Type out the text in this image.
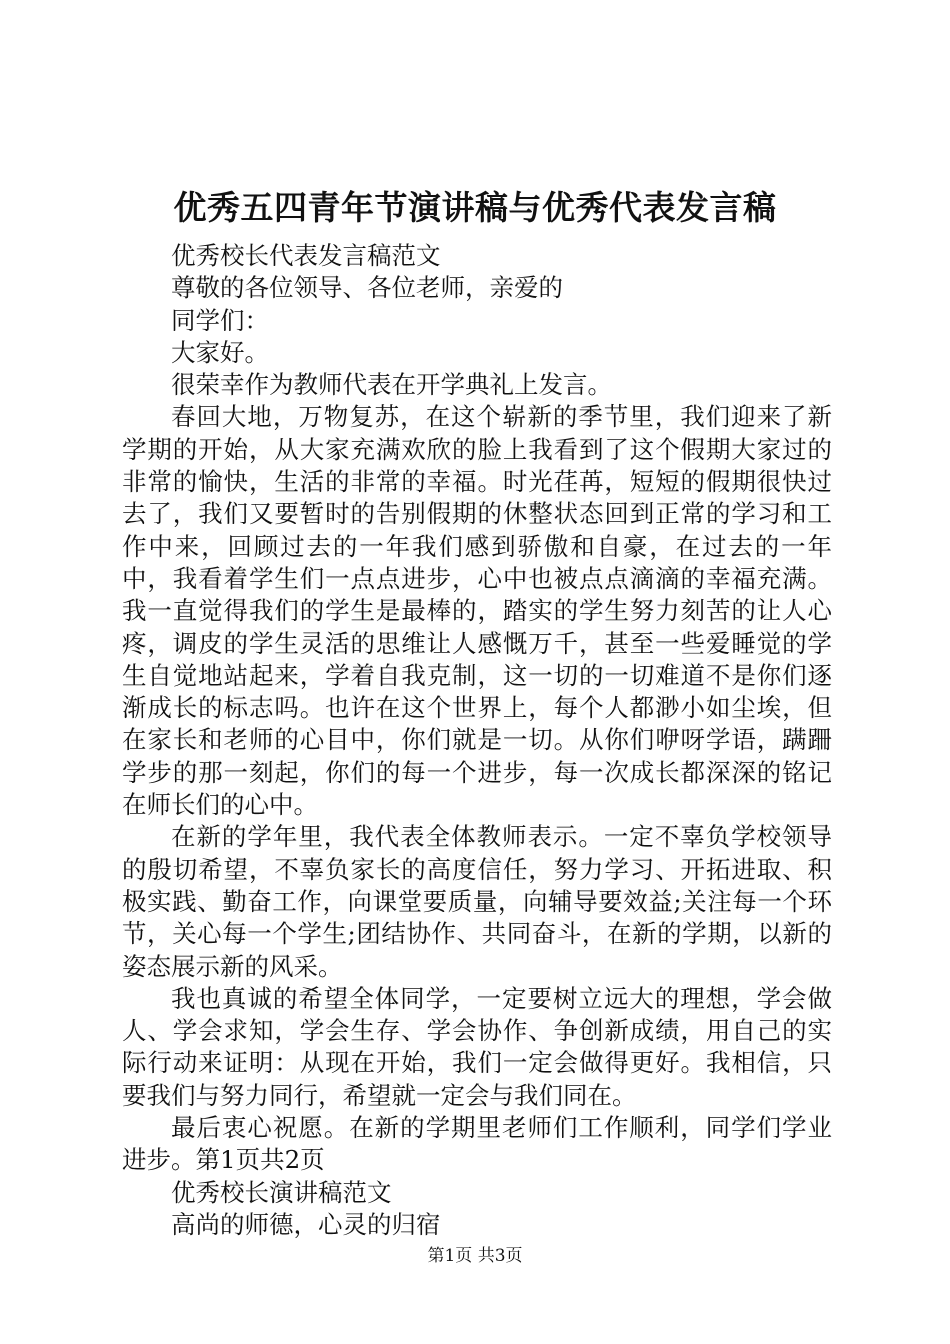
优秀五四青年节演讲稿与优秀代表发言稿

优秀校长代表发言稿范文

尊敬的各位领导、各位老师，亲爱的

同学们：

大家好。

很荣幸作为教师代表在开学典礼上发言。

春回大地，万物复苏，在这个崭新的季节里，我们迎来了新学期的开始，从大家充满欢欣的脸上我看到了这个假期大家过的非常的愉快，生活的非常的幸福。时光荏苒，短短的假期很快过去了，我们又要暂时的告别假期的休整状态回到正常的学习和工作中来，回顾过去的一年我们感到骄傲和自豪，在过去的一年中，我看着学生们一点点进步，心中也被点点滴滴的幸福充满。我一直觉得我们的学生是最棒的，踏实的学生努力刻苦的让人心疼，调皮的学生灵活的思维让人感慨万千，甚至一些爱睡觉的学生自觉地站起来，学着自我克制，这一切的一切难道不是你们逐渐成长的标志吗。也许在这个世界上，每个人都渺小如尘埃，但在家长和老师的心目中，你们就是一切。从你们咿呀学语，蹒跚学步的那一刻起，你们的每一个进步，每一次成长都深深的铭记在师长们的心中。

在新的学年里，我代表全体教师表示。一定不辜负学校领导的殷切希望，不辜负家长的高度信任，努力学习、开拓进取、积极实践、勤奋工作，向课堂要质量，向辅导要效益;关注每一个环节，关心每一个学生;团结协作、共同奋斗，在新的学期，以新的姿态展示新的风采。

我也真诚的希望全体同学，一定要树立远大的理想，学会做人、学会求知，学会生存、学会协作、争创新成绩，用自己的实际行动来证明：从现在开始，我们一定会做得更好。我相信，只要我们与努力同行，希望就一定会与我们同在。

最后衷心祝愿。在新的学期里老师们工作顺利，同学们学业进步。第1页共2页

优秀校长演讲稿范文

高尚的师德，心灵的归宿

第1页 共3页
